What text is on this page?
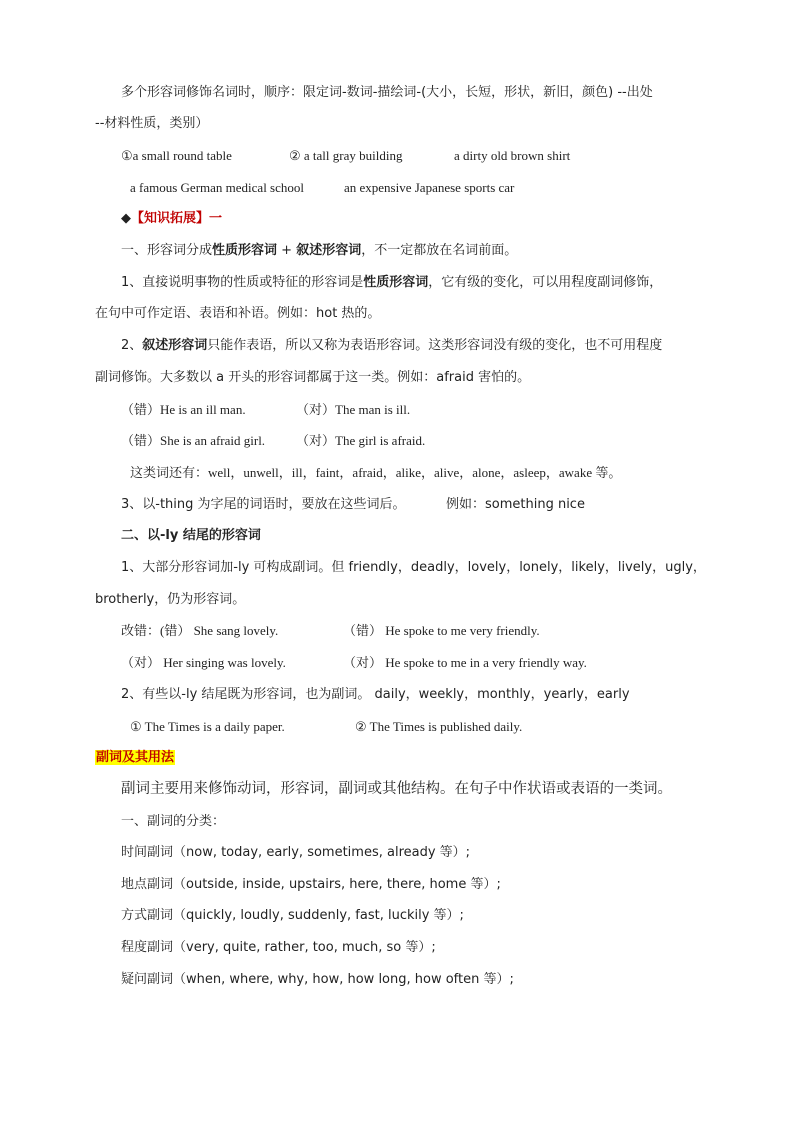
多个形容词修饰名词时，顺序：限定词-数词-描绘词-(大小，长短，形状，新旧，颜色) --出处
--材料性质，类别）
①a small round table	② a tall gray building	a dirty old brown shirt
a famous German medical school	an expensive Japanese sports car
◆【知识拓展】一
一、形容词分成性质形容词 + 叙述形容词，不一定都放在名词前面。
1、直接说明事物的性质或特征的形容词是性质形容词，它有级的变化，可以用程度副词修饰，
在句中可作定语、表语和补语。例如：hot 热的。
2、叙述形容词只能作表语，所以又称为表语形容词。这类形容词没有级的变化，也不可用程度
副词修饰。大多数以 a 开头的形容词都属于这一类。例如：afraid 害怕的。
（错）He is an ill man.	（对）The man is ill.
（错）She is an afraid girl. （对）The girl is afraid.
这类词还有：well，unwell，ill，faint，afraid，alike，alive，alone，asleep，awake 等。
3、以-thing 为字尾的词语时，要放在这些词后。	例如：something nice
二、以-ly 结尾的形容词
1、大部分形容词加-ly 可构成副词。但 friendly，deadly，lovely，lonely，likely，lively，ugly，
brotherly，仍为形容词。
改错：(错） She sang lovely.	（错） He spoke to me very friendly.
（对） Her singing was lovely.	（对） He spoke to me in a very friendly way.
2、有些以-ly 结尾既为形容词，也为副词。 daily，weekly，monthly，yearly，early
① The Times is a daily paper.	② The Times is published daily.
副词及其用法
副词主要用来修饰动词，形容词，副词或其他结构。在句子中作状语或表语的一类词。
一、副词的分类：
时间副词（now, today, early, sometimes, already 等）;
地点副词（outside, inside, upstairs, here, there, home 等）;
方式副词（quickly, loudly, suddenly, fast, luckily 等）;
程度副词（very, quite, rather, too, much, so 等）;
疑问副词（when, where, why, how, how long, how often 等）;
